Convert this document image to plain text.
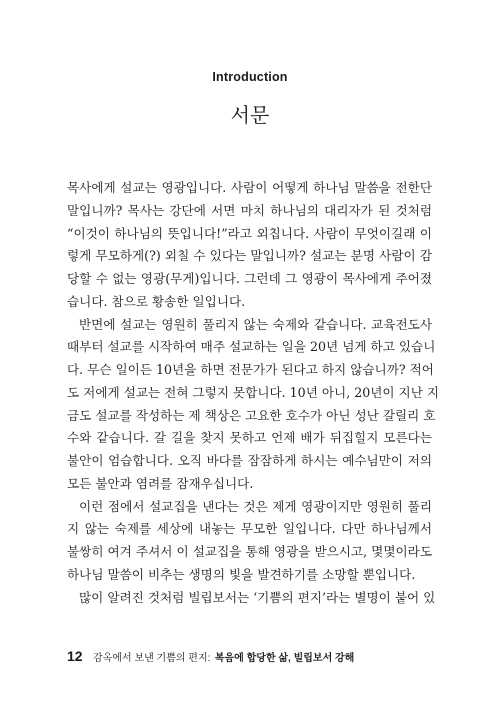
Introduction
서문
목사에게 설교는 영광입니다. 사람이 어떻게 하나님 말씀을 전한단
말입니까? 목사는 강단에 서면 마치 하나님의 대리자가 된 것처럼
“이것이 하나님의 뜻입니다!”라고 외칩니다. 사람이 무엇이길래 이
렇게 무모하게(?) 외칠 수 있다는 말입니까? 설교는 분명 사람이 감
당할 수 없는 영광(무게)입니다. 그런데 그 영광이 목사에게 주어졌
습니다. 참으로 황송한 일입니다.
반면에 설교는 영원히 풀리지 않는 숙제와 같습니다. 교육전도사
때부터 설교를 시작하여 매주 설교하는 일을 20년 넘게 하고 있습니
다. 무슨 일이든 10년을 하면 전문가가 된다고 하지 않습니까? 적어
도 저에게 설교는 전혀 그렇지 못합니다. 10년 아니, 20년이 지난 지
금도 설교를 작성하는 제 책상은 고요한 호수가 아닌 성난 갈릴리 호
수와 같습니다. 갈 길을 찾지 못하고 언제 배가 뒤집힐지 모른다는
불안이 엄습합니다. 오직 바다를 잠잠하게 하시는 예수님만이 저의
모든 불안과 염려를 잠재우십니다.
이런 점에서 설교집을 낸다는 것은 제게 영광이지만 영원히 풀리
지 않는 숙제를 세상에 내놓는 무모한 일입니다. 다만 하나님께서
불쌍히 여겨 주셔서 이 설교집을 통해 영광을 받으시고, 몇몇이라도
하나님 말씀이 비추는 생명의 빛을 발견하기를 소망할 뿐입니다.
많이 알려진 것처럼 빌립보서는 ‘기쁨의 편지’라는 별명이 붙어 있
12 감옥에서 보낸 기쁨의 편지: 복음에 합당한 삶, 빌립보서 강해
